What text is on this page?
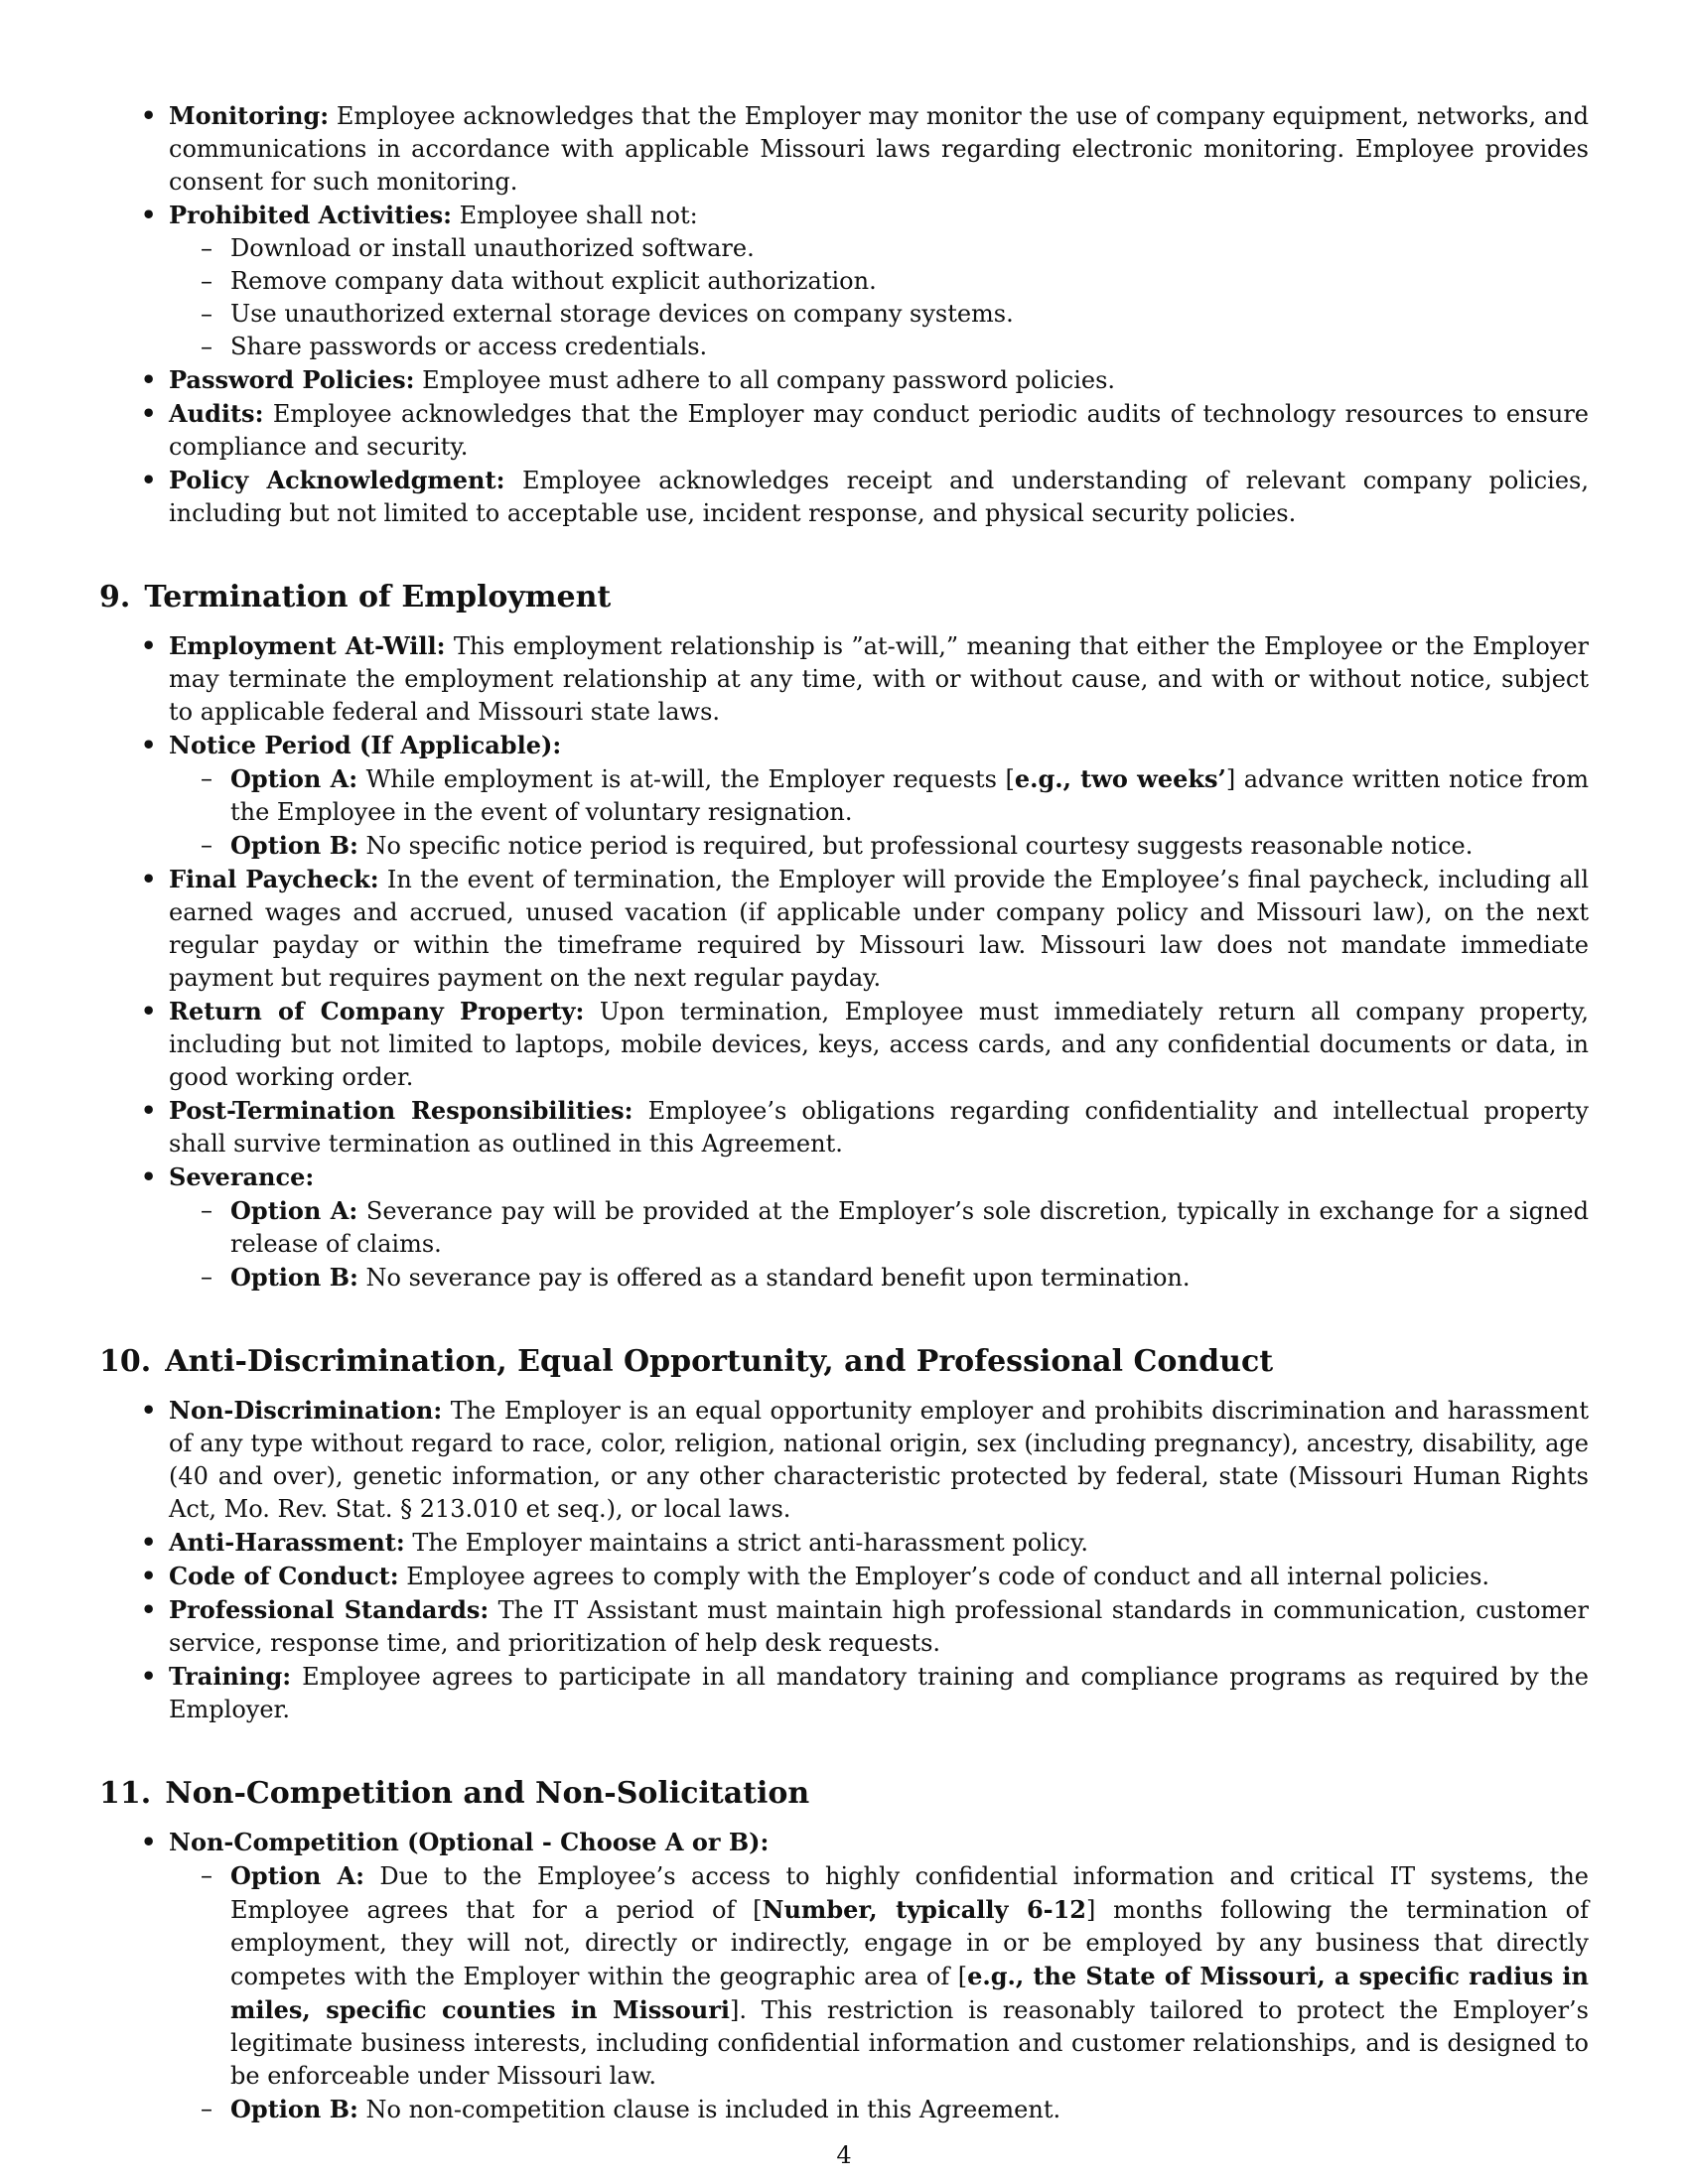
• Monitoring: Employee acknowledges that the Employer may monitor the use of company equipment, networks, and communications in accordance with applicable Missouri laws regarding electronic monitoring. Employee provides consent for such monitoring.
• Prohibited Activities: Employee shall not:
– Download or install unauthorized software.
– Remove company data without explicit authorization.
– Use unauthorized external storage devices on company systems.
– Share passwords or access credentials.
• Password Policies: Employee must adhere to all company password policies.
• Audits: Employee acknowledges that the Employer may conduct periodic audits of technology resources to ensure compliance and security.
• Policy Acknowledgment: Employee acknowledges receipt and understanding of relevant company policies, including but not limited to acceptable use, incident response, and physical security policies.
9. Termination of Employment
• Employment At-Will: This employment relationship is ”at-will,” meaning that either the Employee or the Employer may terminate the employment relationship at any time, with or without cause, and with or without notice, subject to applicable federal and Missouri state laws.
• Notice Period (If Applicable):
– Option A: While employment is at-will, the Employer requests [e.g., two weeks’] advance written notice from the Employee in the event of voluntary resignation.
– Option B: No specific notice period is required, but professional courtesy suggests reasonable notice.
• Final Paycheck: In the event of termination, the Employer will provide the Employee’s final paycheck, including all earned wages and accrued, unused vacation (if applicable under company policy and Missouri law), on the next regular payday or within the timeframe required by Missouri law. Missouri law does not mandate immediate payment but requires payment on the next regular payday.
• Return of Company Property: Upon termination, Employee must immediately return all company property, including but not limited to laptops, mobile devices, keys, access cards, and any confidential documents or data, in good working order.
• Post-Termination Responsibilities: Employee’s obligations regarding confidentiality and intellectual property shall survive termination as outlined in this Agreement.
• Severance:
– Option A: Severance pay will be provided at the Employer’s sole discretion, typically in exchange for a signed release of claims.
– Option B: No severance pay is offered as a standard benefit upon termination.
10. Anti-Discrimination, Equal Opportunity, and Professional Conduct
• Non-Discrimination: The Employer is an equal opportunity employer and prohibits discrimination and harassment of any type without regard to race, color, religion, national origin, sex (including pregnancy), ancestry, disability, age (40 and over), genetic information, or any other characteristic protected by federal, state (Missouri Human Rights Act, Mo. Rev. Stat. § 213.010 et seq.), or local laws.
• Anti-Harassment: The Employer maintains a strict anti-harassment policy.
• Code of Conduct: Employee agrees to comply with the Employer’s code of conduct and all internal policies.
• Professional Standards: The IT Assistant must maintain high professional standards in communication, customer service, response time, and prioritization of help desk requests.
• Training: Employee agrees to participate in all mandatory training and compliance programs as required by the Employer.
11. Non-Competition and Non-Solicitation
• Non-Competition (Optional - Choose A or B):
– Option A: Due to the Employee’s access to highly confidential information and critical IT systems, the Employee agrees that for a period of [Number, typically 6-12] months following the termination of employment, they will not, directly or indirectly, engage in or be employed by any business that directly competes with the Employer within the geographic area of [e.g., the State of Missouri, a specific radius in miles, specific counties in Missouri]. This restriction is reasonably tailored to protect the Employer’s legitimate business interests, including confidential information and customer relationships, and is designed to be enforceable under Missouri law.
– Option B: No non-competition clause is included in this Agreement.
4
